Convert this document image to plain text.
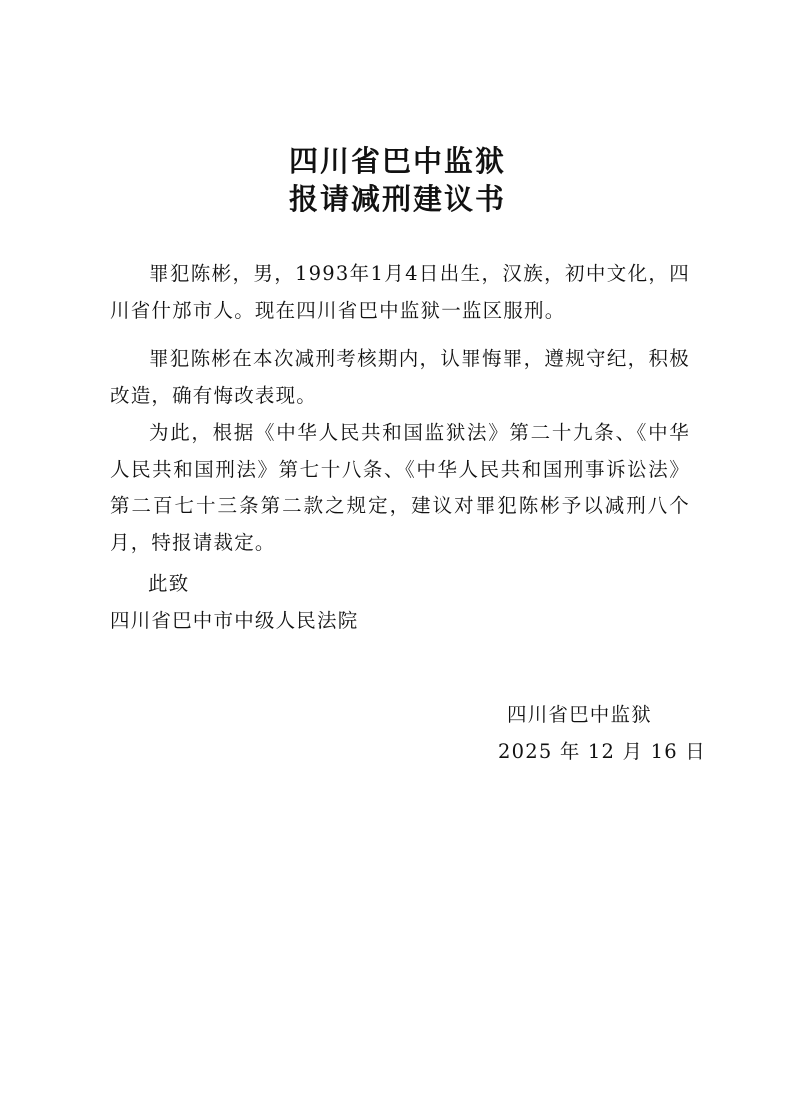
四川省巴中监狱
报请减刑建议书

罪犯陈彬，男，1993年1月4日出生，汉族，初中文化，四川省什邡市人。现在四川省巴中监狱一监区服刑。

罪犯陈彬在本次减刑考核期内，认罪悔罪，遵规守纪，积极改造，确有悔改表现。

为此，根据《中华人民共和国监狱法》第二十九条、《中华人民共和国刑法》第七十八条、《中华人民共和国刑事诉讼法》第二百七十三条第二款之规定，建议对罪犯陈彬予以减刑八个月，特报请裁定。

此致
四川省巴中市中级人民法院
四川省巴中监狱
2025 年 12 月 16 日
